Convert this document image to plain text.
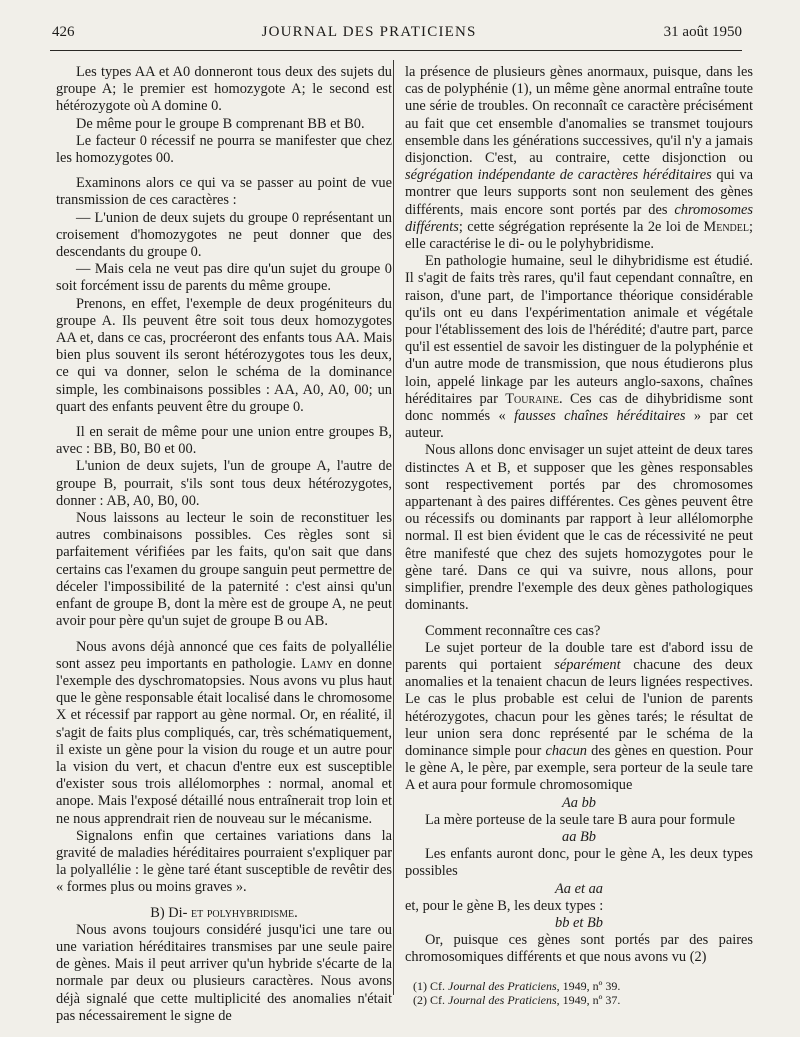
426	JOURNAL DES PRATICIENS	31 août 1950

Les types AA et A0 donneront tous deux des sujets du groupe A; le premier est homozygote A; le second est hétérozygote où A domine 0.

De même pour le groupe B comprenant BB et B0.

Le facteur 0 récessif ne pourra se manifester que chez les homozygotes 00.

Examinons alors ce qui va se passer au point de vue transmission de ces caractères :

— L'union de deux sujets du groupe 0 représentant un croisement d'homozygotes ne peut donner que des descendants du groupe 0.

— Mais cela ne veut pas dire qu'un sujet du groupe 0 soit forcément issu de parents du même groupe.

Prenons, en effet, l'exemple de deux progéniteurs du groupe A. Ils peuvent être soit tous deux homozygotes AA et, dans ce cas, procréeront des enfants tous AA. Mais bien plus souvent ils seront hétérozygotes tous les deux, ce qui va donner, selon le schéma de la dominance simple, les combinaisons possibles : AA, A0, A0, 00; un quart des enfants peuvent être du groupe 0.

Il en serait de même pour une union entre groupes B, avec : BB, B0, B0 et 00.

L'union de deux sujets, l'un de groupe A, l'autre de groupe B, pourrait, s'ils sont tous deux hétérozygotes, donner : AB, A0, B0, 00.

Nous laissons au lecteur le soin de reconstituer les autres combinaisons possibles. Ces règles sont si parfaitement vérifiées par les faits, qu'on sait que dans certains cas l'examen du groupe sanguin peut permettre de déceler l'impossibilité de la paternité : c'est ainsi qu'un enfant de groupe B, dont la mère est de groupe A, ne peut avoir pour père qu'un sujet de groupe B ou AB.

Nous avons déjà annoncé que ces faits de polyallélie sont assez peu importants en pathologie. Lamy en donne l'exemple des dyschromatopsies. Nous avons vu plus haut que le gène responsable était localisé dans le chromosome X et récessif par rapport au gène normal. Or, en réalité, il s'agit de faits plus compliqués, car, très schématiquement, il existe un gène pour la vision du rouge et un autre pour la vision du vert, et chacun d'entre eux est susceptible d'exister sous trois allélomorphes : normal, anomal et anope. Mais l'exposé détaillé nous entraînerait trop loin et ne nous apprendrait rien de nouveau sur le mécanisme.

Signalons enfin que certaines variations dans la gravité de maladies héréditaires pourraient s'expliquer par la polyallélie : le gène taré étant susceptible de revêtir des « formes plus ou moins graves ».

B) Di- et polyhybridisme.

Nous avons toujours considéré jusqu'ici une tare ou une variation héréditaires transmises par une seule paire de gènes. Mais il peut arriver qu'un hybride s'écarte de la normale par deux ou plusieurs caractères. Nous avons déjà signalé que cette multiplicité des anomalies n'était pas nécessairement le signe de

la présence de plusieurs gènes anormaux, puisque, dans les cas de polyphénie (1), un même gène anormal entraîne toute une série de troubles. On reconnaît ce caractère précisément au fait que cet ensemble d'anomalies se transmet toujours ensemble dans les générations successives, qu'il n'y a jamais disjonction. C'est, au contraire, cette disjonction ou ségrégation indépendante de caractères héréditaires qui va montrer que leurs supports sont non seulement des gènes différents, mais encore sont portés par des chromosomes différents; cette ségrégation représente la 2e loi de Mendel; elle caractérise le di- ou le polyhybridisme.

En pathologie humaine, seul le dihybridisme est étudié. Il s'agit de faits très rares, qu'il faut cependant connaître, en raison, d'une part, de l'importance théorique considérable qu'ils ont eu dans l'expérimentation animale et végétale pour l'établissement des lois de l'hérédité; d'autre part, parce qu'il est essentiel de savoir les distinguer de la polyphénie et d'un autre mode de transmission, que nous étudierons plus loin, appelé linkage par les auteurs anglo-saxons, chaînes héréditaires par Touraine. Ces cas de dihybridisme sont donc nommés « fausses chaînes héréditaires » par cet auteur.

Nous allons donc envisager un sujet atteint de deux tares distinctes A et B, et supposer que les gènes responsables sont respectivement portés par des chromosomes appartenant à des paires différentes. Ces gènes peuvent être ou récessifs ou dominants par rapport à leur allélomorphe normal. Il est bien évident que le cas de récessivité ne peut être manifesté que chez des sujets homozygotes pour le gène taré. Dans ce qui va suivre, nous allons, pour simplifier, prendre l'exemple des deux gènes pathologiques dominants.

Comment reconnaître ces cas?

Le sujet porteur de la double tare est d'abord issu de parents qui portaient séparément chacune des deux anomalies et la tenaient chacun de leurs lignées respectives. Le cas le plus probable est celui de l'union de parents hétérozygotes, chacun pour les gènes tarés; le résultat de leur union sera donc représenté par le schéma de la dominance simple pour chacun des gènes en question. Pour le gène A, le père, par exemple, sera porteur de la seule tare A et aura pour formule chromosomique

Aa bb

La mère porteuse de la seule tare B aura pour formule

aa Bb

Les enfants auront donc, pour le gène A, les deux types possibles

Aa et aa

et, pour le gène B, les deux types :

bb et Bb

Or, puisque ces gènes sont portés par des paires chromosomiques différents et que nous avons vu (2)

(1) Cf. Journal des Praticiens, 1949, nº 39.

(2) Cf. Journal des Praticiens, 1949, nº 37.
